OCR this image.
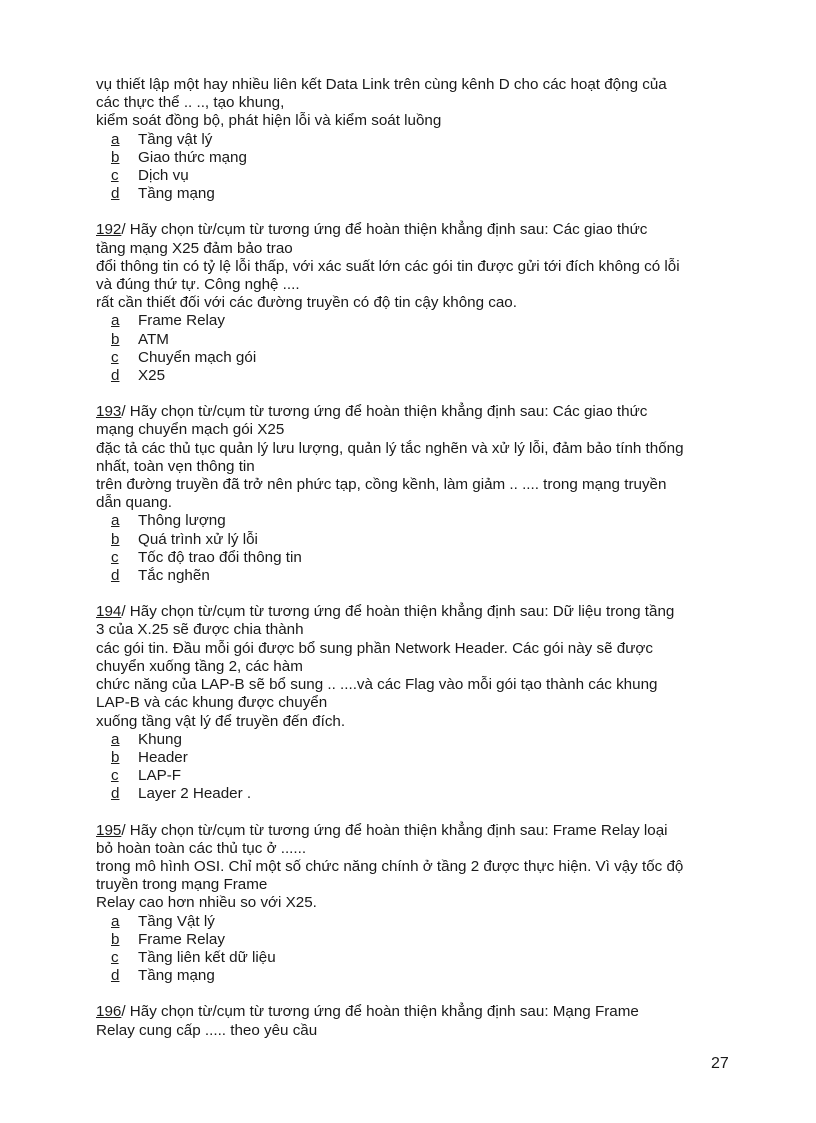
vụ thiết lập một hay nhiều liên kết Data Link trên cùng kênh D cho các hoạt động của
các thực thể .. .., tạo khung,
kiểm soát đồng bộ, phát hiện lỗi và kiểm soát luồng
a Tầng vật lý
b Giao thức mạng
c Dịch vụ
d Tầng mạng
192/ Hãy chọn từ/cụm từ tương ứng để hoàn thiện khẳng định sau: Các giao thức
tầng mạng X25 đảm bảo trao
đổi thông tin có tỷ lệ lỗi thấp, với xác suất lớn các gói tin được gửi tới đích không có lỗi
và đúng thứ tự. Công nghệ ....
rất cần thiết đối với các đường truyền có độ tin cậy không cao.
a Frame Relay
b ATM
c Chuyển mạch gói
d X25
193/ Hãy chọn từ/cụm từ tương ứng để hoàn thiện khẳng định sau: Các giao thức
mạng chuyển mạch gói X25
đặc tả các thủ tục quản lý lưu lượng, quản lý tắc nghẽn và xử lý lỗi, đảm bảo tính thống
nhất, toàn vẹn thông tin
trên đường truyền đã trở nên phức tạp, cồng kềnh, làm giảm .. .... trong mạng truyền
dẫn quang.
a Thông lượng
b Quá trình xử lý lỗi
c Tốc độ trao đổi thông tin
d Tắc nghẽn
194/ Hãy chọn từ/cụm từ tương ứng để hoàn thiện khẳng định sau: Dữ liệu trong tầng
3 của X.25 sẽ được chia thành
các gói tin. Đầu mỗi gói được bổ sung phần Network Header. Các gói này sẽ được
chuyển xuống tầng 2, các hàm
chức năng của LAP-B sẽ bổ sung .. ....và các Flag vào mỗi gói tạo thành các khung
LAP-B và các khung được chuyển
xuống tầng vật lý để truyền đến đích.
a Khung
b Header
c LAP-F
d Layer 2 Header .
195/ Hãy chọn từ/cụm từ tương ứng để hoàn thiện khẳng định sau: Frame Relay loại
bỏ hoàn toàn các thủ tục ở ......
trong mô hình OSI. Chỉ một số chức năng chính ở tầng 2 được thực hiện. Vì vậy tốc độ
truyền trong mạng Frame
Relay cao hơn nhiều so với X25.
a Tầng Vật lý
b Frame Relay
c Tầng liên kết dữ liệu
d Tầng mạng
196/ Hãy chọn từ/cụm từ tương ứng để hoàn thiện khẳng định sau: Mạng Frame
Relay cung cấp ..... theo yêu cầu
27
